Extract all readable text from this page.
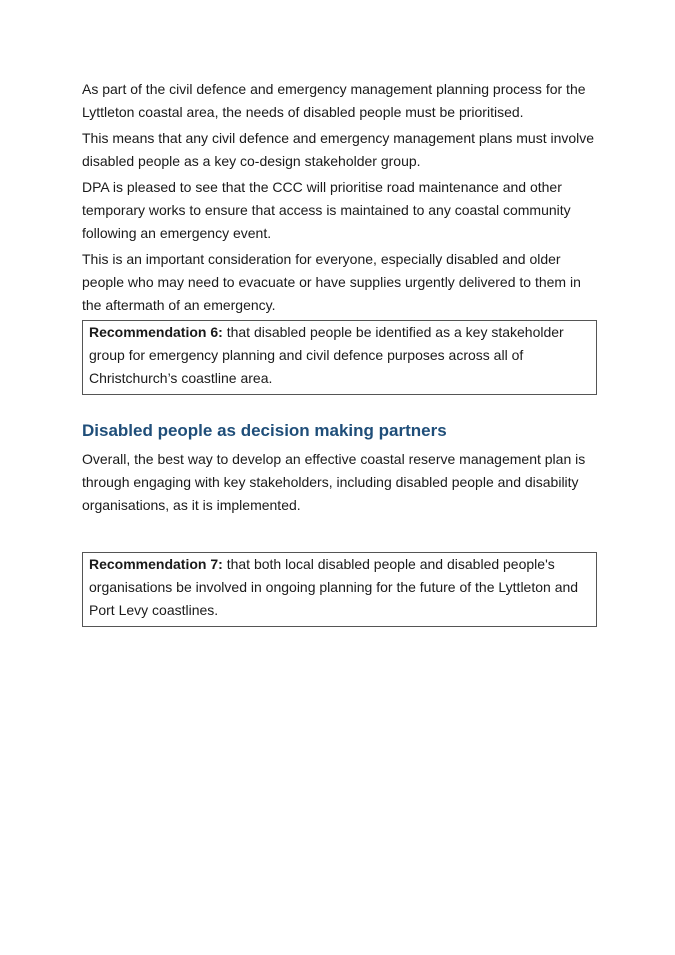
As part of the civil defence and emergency management planning process for the Lyttleton coastal area, the needs of disabled people must be prioritised.

This means that any civil defence and emergency management plans must involve disabled people as a key co-design stakeholder group.

DPA is pleased to see that the CCC will prioritise road maintenance and other temporary works to ensure that access is maintained to any coastal community following an emergency event.

This is an important consideration for everyone, especially disabled and older people who may need to evacuate or have supplies urgently delivered to them in the aftermath of an emergency.

Recommendation 6: that disabled people be identified as a key stakeholder group for emergency planning and civil defence purposes across all of Christchurch’s coastline area.
Disabled people as decision making partners

Overall, the best way to develop an effective coastal reserve management plan is through engaging with key stakeholders, including disabled people and disability organisations, as it is implemented.

Recommendation 7: that both local disabled people and disabled people's organisations be involved in ongoing planning for the future of the Lyttleton and Port Levy coastlines.
